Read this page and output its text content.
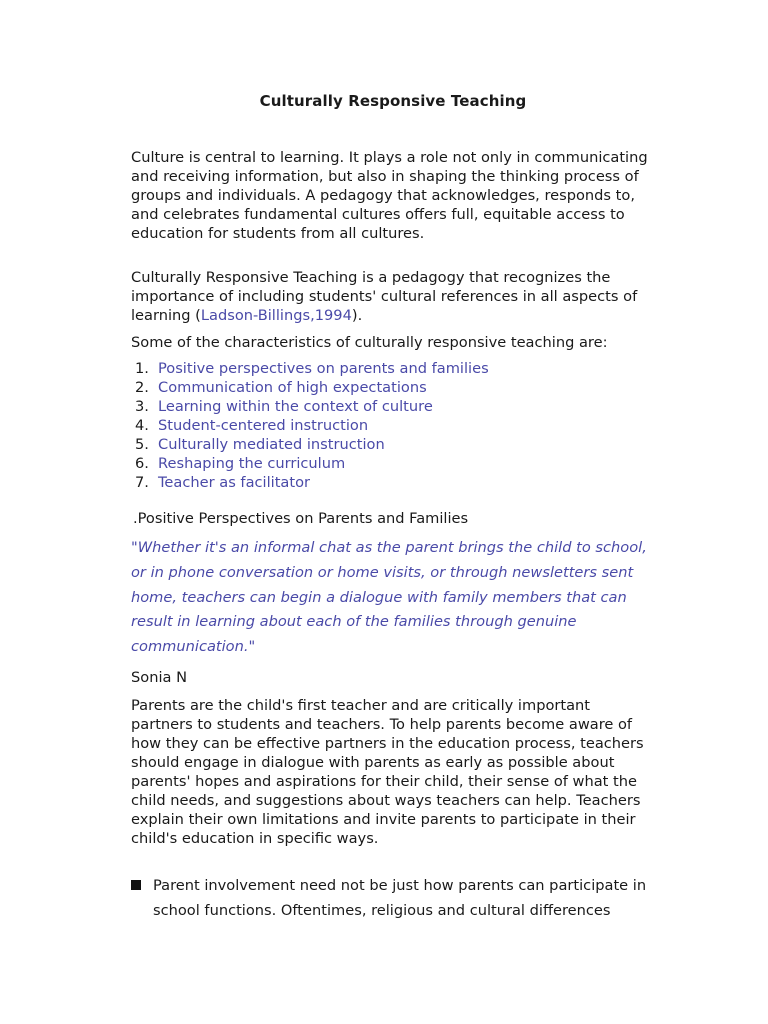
Culturally Responsive Teaching

Culture is central to learning. It plays a role not only in communicating and receiving information, but also in shaping the thinking process of groups and individuals. A pedagogy that acknowledges, responds to, and celebrates fundamental cultures offers full, equitable access to education for students from all cultures.

Culturally Responsive Teaching is a pedagogy that recognizes the importance of including students' cultural references in all aspects of learning (Ladson-Billings,1994).

Some of the characteristics of culturally responsive teaching are:

1. Positive perspectives on parents and families
2. Communication of high expectations
3. Learning within the context of culture
4. Student-centered instruction
5. Culturally mediated instruction
6. Reshaping the curriculum
7. Teacher as facilitator
.Positive Perspectives on Parents and Families
"Whether it's an informal chat as the parent brings the child to school, or in phone conversation or home visits, or through newsletters sent home, teachers can begin a dialogue with family members that can result in learning about each of the families through genuine communication."
Sonia N

Parents are the child's first teacher and are critically important partners to students and teachers. To help parents become aware of how they can be effective partners in the education process, teachers should engage in dialogue with parents as early as possible about parents' hopes and aspirations for their child, their sense of what the child needs, and suggestions about ways teachers can help. Teachers explain their own limitations and invite parents to participate in their child's education in specific ways.

Parent involvement need not be just how parents can participate in school functions. Oftentimes, religious and cultural differences
